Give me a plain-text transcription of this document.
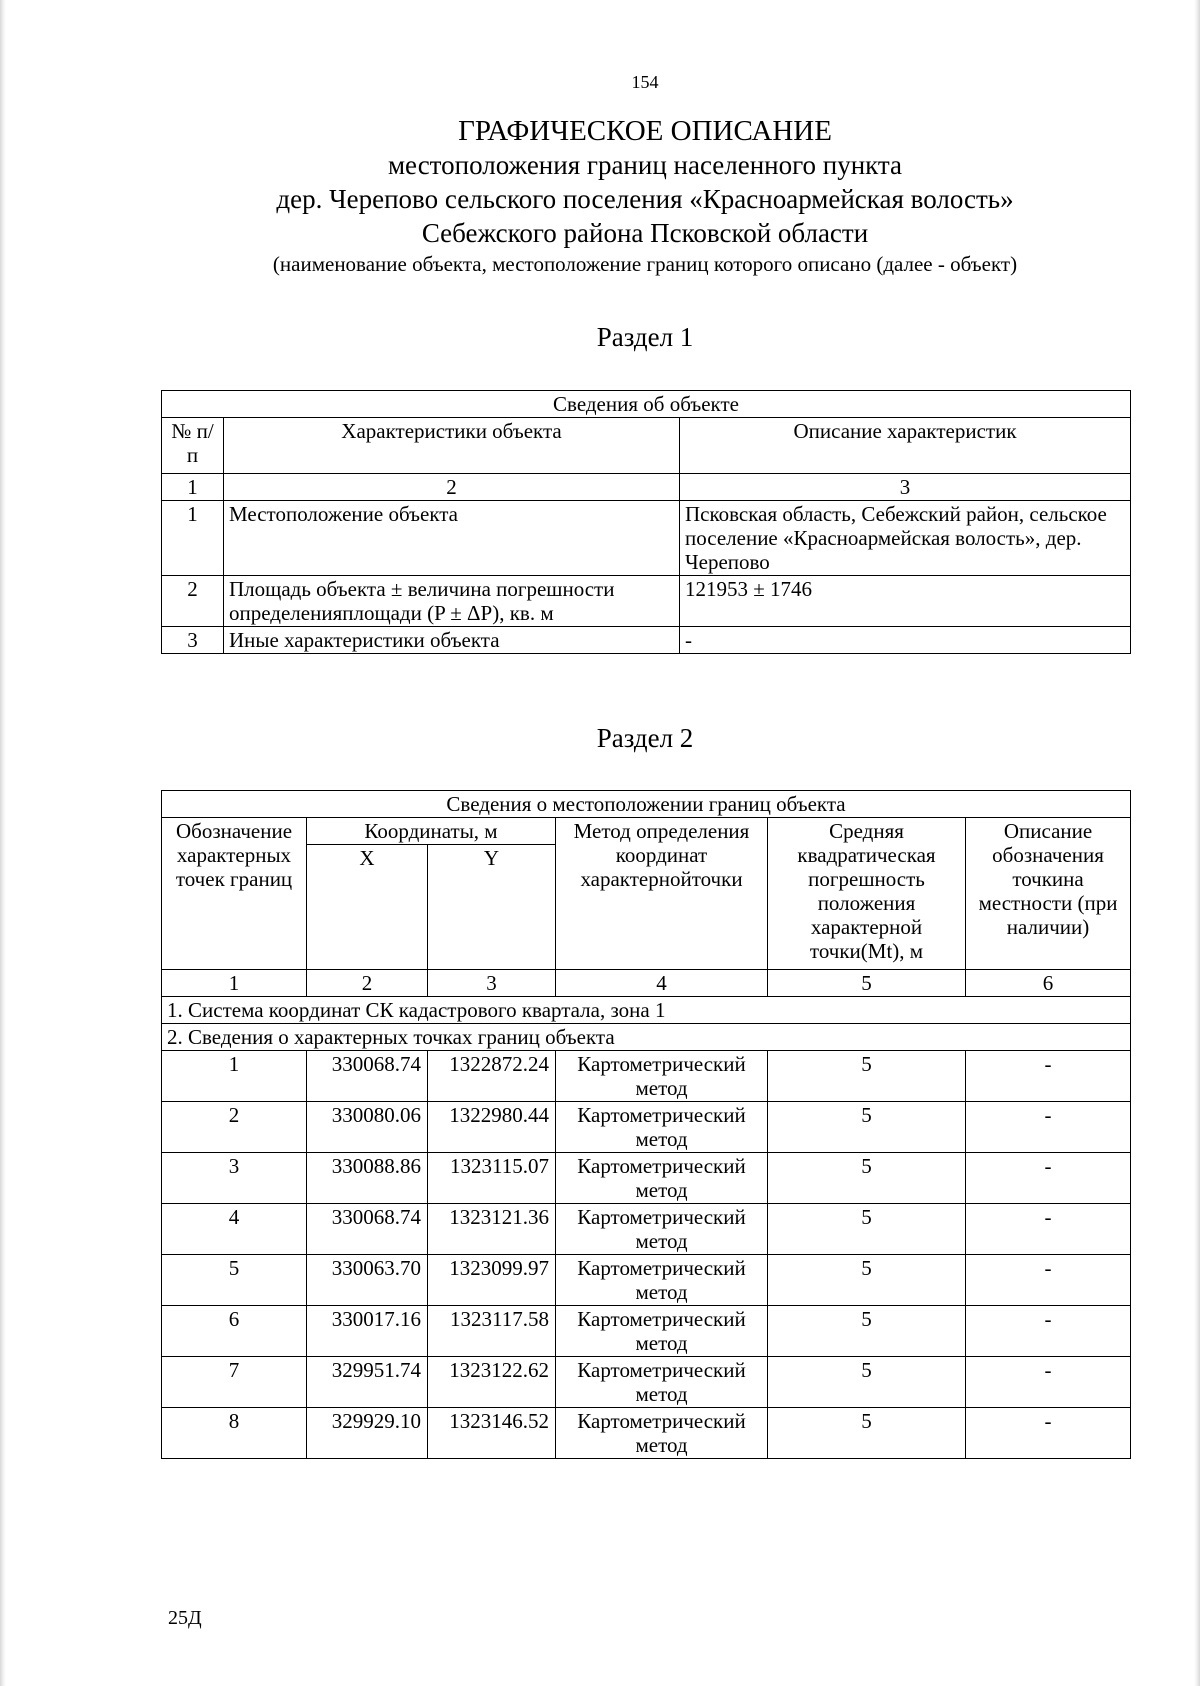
154
ГРАФИЧЕСКОЕ ОПИСАНИЕ
местоположения границ населенного пункта
дер. Черепово сельского поселения «Красноармейская волость»
Себежского района Псковской области
(наименование объекта, местоположение границ которого описано (далее - объект)
Раздел 1
Сведения об объекте		
№ п/п	Характеристики объекта	Описание характеристик
1	2	3
1	Местоположение объекта	Псковская область, Себежский район, сельское поселение «Красноармейская волость», дер. Черепово
2	Площадь объекта ± величина погрешности определенияплощади (P ± ΔP), кв. м	121953 ± 1746
3	Иные характеристики объекта	-
Раздел 2
Сведения о местоположении границ объекта					
Обозначение характерных точек границ	Координаты, м		Метод определения координат характернойточки	Средняя квадратическая погрешность положения характерной точки(Mt), м	Описание обозначения точкина местности (при наличии)
	X	Y			
1	2	3	4	5	6
1. Система координат СК кадастрового квартала, зона 1					
2. Сведения о характерных точках границ объекта					
1	330068.74	1322872.24	Картометрический метод	5	-
2	330080.06	1322980.44	Картометрический метод	5	-
3	330088.86	1323115.07	Картометрический метод	5	-
4	330068.74	1323121.36	Картометрический метод	5	-
5	330063.70	1323099.97	Картометрический метод	5	-
6	330017.16	1323117.58	Картометрический метод	5	-
7	329951.74	1323122.62	Картометрический метод	5	-
8	329929.10	1323146.52	Картометрический метод	5	-
25Д
